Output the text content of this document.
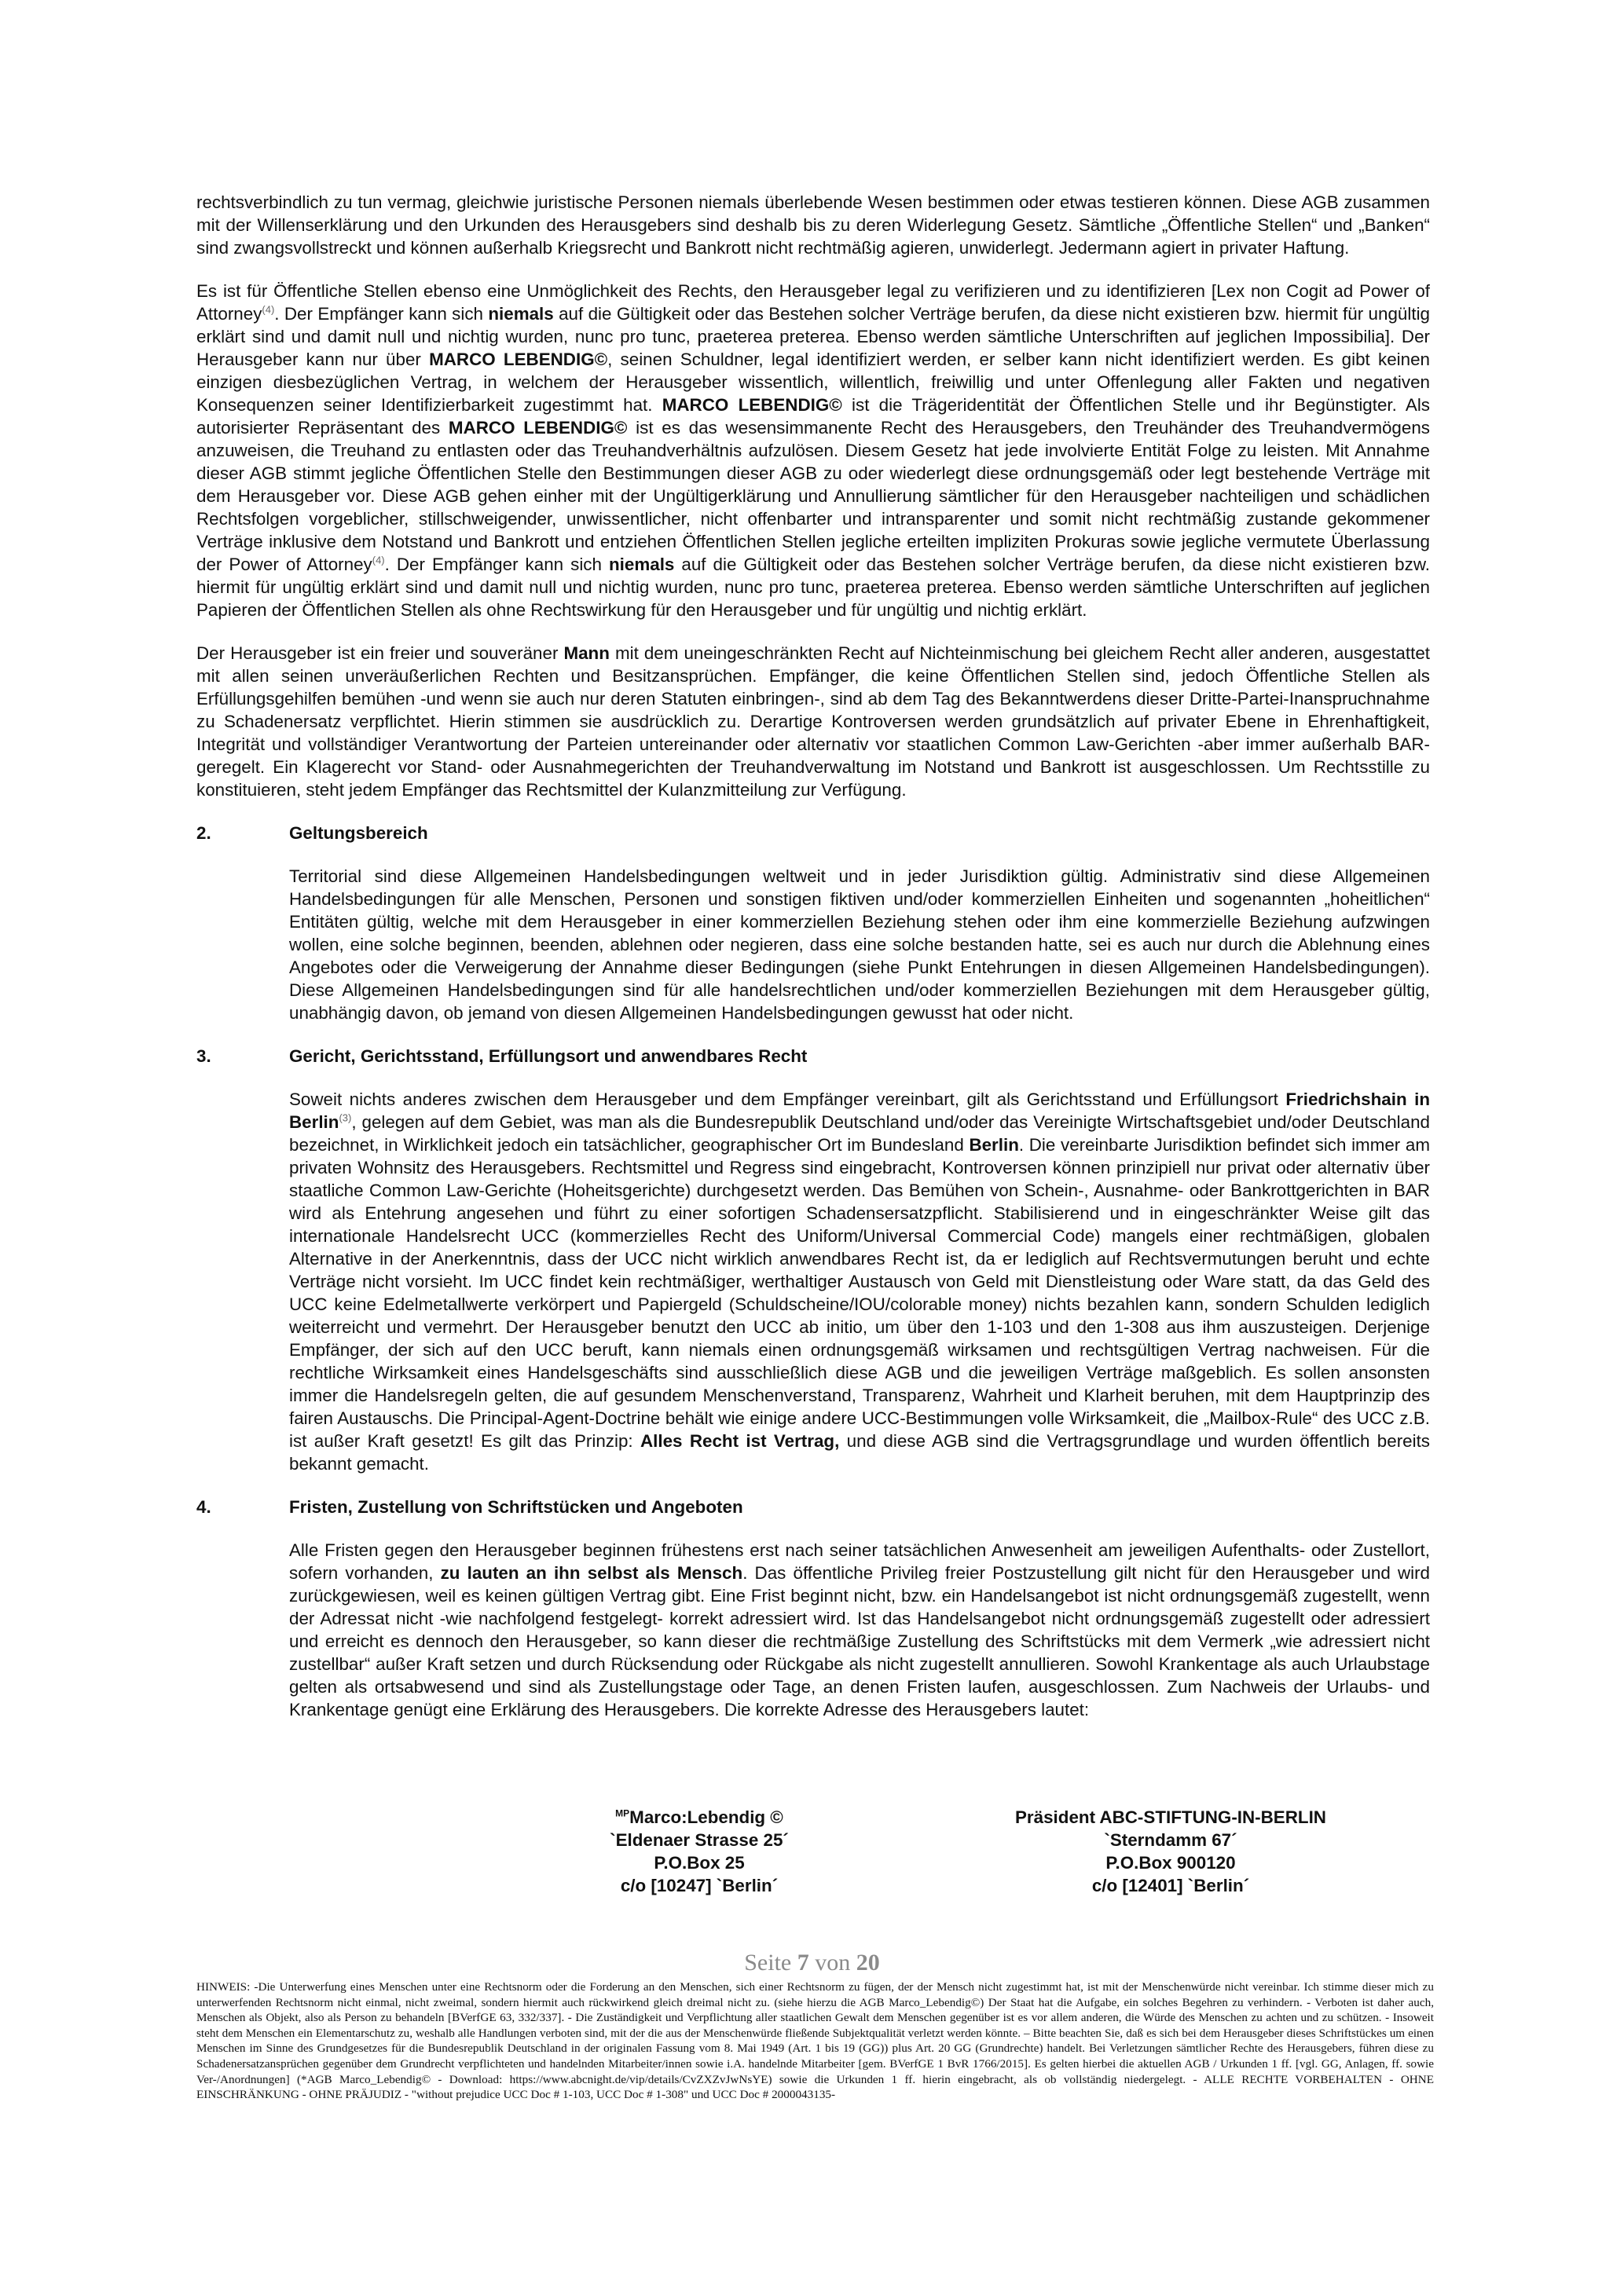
rechtsverbindlich zu tun vermag, gleichwie juristische Personen niemals überlebende Wesen bestimmen oder etwas testieren können. Diese AGB zusammen mit der Willenserklärung und den Urkunden des Herausgebers sind deshalb bis zu deren Widerlegung Gesetz. Sämtliche „Öffentliche Stellen“ und „Banken“ sind zwangsvollstreckt und können außerhalb Kriegsrecht und Bankrott nicht rechtmäßig agieren, unwiderlegt. Jedermann agiert in privater Haftung.

Es ist für Öffentliche Stellen ebenso eine Unmöglichkeit des Rechts, den Herausgeber legal zu verifizieren und zu identifizieren [Lex non Cogit ad Power of Attorney$^{(4)}$. Der Empfänger kann sich niemals auf die Gültigkeit oder das Bestehen solcher Verträge berufen, da diese nicht existieren bzw. hiermit für ungültig erklärt sind und damit null und nichtig wurden, nunc pro tunc, praeterea preterea. Ebenso werden sämtliche Unterschriften auf jeglichen Impossibilia]. Der Herausgeber kann nur über MARCO LEBENDIG©, seinen Schuldner, legal identifiziert werden, er selber kann nicht identifiziert werden. Es gibt keinen einzigen diesbezüglichen Vertrag, in welchem der Herausgeber wissentlich, willentlich, freiwillig und unter Offenlegung aller Fakten und negativen Konsequenzen seiner Identifizierbarkeit zugestimmt hat. MARCO LEBENDIG© ist die Trägeridentität der Öffentlichen Stelle und ihr Begünstigter. Als autorisierter Repräsentant des MARCO LEBENDIG© ist es das wesensimmanente Recht des Herausgebers, den Treuhänder des Treuhandvermögens anzuweisen, die Treuhand zu entlasten oder das Treuhandverhältnis aufzulösen. Diesem Gesetz hat jede involvierte Entität Folge zu leisten. Mit Annahme dieser AGB stimmt jegliche Öffentlichen Stelle den Bestimmungen dieser AGB zu oder wiederlegt diese ordnungsgemäß oder legt bestehende Verträge mit dem Herausgeber vor. Diese AGB gehen einher mit der Ungültigerklärung und Annullierung sämtlicher für den Herausgeber nachteiligen und schädlichen Rechtsfolgen vorgeblicher, stillschweigender, unwissentlicher, nicht offenbarter und intransparenter und somit nicht rechtmäßig zustande gekommener Verträge inklusive dem Notstand und Bankrott und entziehen Öffentlichen Stellen jegliche erteilten impliziten Prokuras sowie jegliche vermutete Überlassung der Power of Attorney$^{(4)}$. Der Empfänger kann sich niemals auf die Gültigkeit oder das Bestehen solcher Verträge berufen, da diese nicht existieren bzw. hiermit für ungültig erklärt sind und damit null und nichtig wurden, nunc pro tunc, praeterea preterea. Ebenso werden sämtliche Unterschriften auf jeglichen Papieren der Öffentlichen Stellen als ohne Rechtswirkung für den Herausgeber und für ungültig und nichtig erklärt.

Der Herausgeber ist ein freier und souveräner Mann mit dem uneingeschränkten Recht auf Nichteinmischung bei gleichem Recht aller anderen, ausgestattet mit allen seinen unveräußerlichen Rechten und Besitzansprüchen. Empfänger, die keine Öffentlichen Stellen sind, jedoch Öffentliche Stellen als Erfüllungsgehilfen bemühen -und wenn sie auch nur deren Statuten einbringen-, sind ab dem Tag des Bekanntwerdens dieser Dritte-Partei-Inanspruchnahme zu Schadenersatz verpflichtet. Hierin stimmen sie ausdrücklich zu. Derartige Kontroversen werden grundsätzlich auf privater Ebene in Ehrenhaftigkeit, Integrität und vollständiger Verantwortung der Parteien untereinander oder alternativ vor staatlichen Common Law-Gerichten -aber immer außerhalb BAR- geregelt. Ein Klagerecht vor Stand- oder Ausnahmegerichten der Treuhandverwaltung im Notstand und Bankrott ist ausgeschlossen. Um Rechtsstille zu konstituieren, steht jedem Empfänger das Rechtsmittel der Kulanzmitteilung zur Verfügung.

2.	Geltungsbereich

Territorial sind diese Allgemeinen Handelsbedingungen weltweit und in jeder Jurisdiktion gültig. Administrativ sind diese Allgemeinen Handelsbedingungen für alle Menschen, Personen und sonstigen fiktiven und/oder kommerziellen Einheiten und sogenannten „hoheitlichen“ Entitäten gültig, welche mit dem Herausgeber in einer kommerziellen Beziehung stehen oder ihm eine kommerzielle Beziehung aufzwingen wollen, eine solche beginnen, beenden, ablehnen oder negieren, dass eine solche bestanden hatte, sei es auch nur durch die Ablehnung eines Angebotes oder die Verweigerung der Annahme dieser Bedingungen (siehe Punkt Entehrungen in diesen Allgemeinen Handelsbedingungen). Diese Allgemeinen Handelsbedingungen sind für alle handelsrechtlichen und/oder kommerziellen Beziehungen mit dem Herausgeber gültig, unabhängig davon, ob jemand von diesen Allgemeinen Handelsbedingungen gewusst hat oder nicht.

3.	Gericht, Gerichtsstand, Erfüllungsort und anwendbares Recht

Soweit nichts anderes zwischen dem Herausgeber und dem Empfänger vereinbart, gilt als Gerichtsstand und Erfüllungsort Friedrichshain in Berlin$^{(3)}$, gelegen auf dem Gebiet, was man als die Bundesrepublik Deutschland und/oder das Vereinigte Wirtschaftsgebiet und/oder Deutschland bezeichnet, in Wirklichkeit jedoch ein tatsächlicher, geographischer Ort im Bundesland Berlin. Die vereinbarte Jurisdiktion befindet sich immer am privaten Wohnsitz des Herausgebers. Rechtsmittel und Regress sind eingebracht, Kontroversen können prinzipiell nur privat oder alternativ über staatliche Common Law-Gerichte (Hoheitsgerichte) durchgesetzt werden. Das Bemühen von Schein-, Ausnahme- oder Bankrottgerichten in BAR wird als Entehrung angesehen und führt zu einer sofortigen Schadensersatzpflicht. Stabilisierend und in eingeschränkter Weise gilt das internationale Handelsrecht UCC (kommerzielles Recht des Uniform/Universal Commercial Code) mangels einer rechtmäßigen, globalen Alternative in der Anerkenntnis, dass der UCC nicht wirklich anwendbares Recht ist, da er lediglich auf Rechtsvermutungen beruht und echte Verträge nicht vorsieht. Im UCC findet kein rechtmäßiger, werthaltiger Austausch von Geld mit Dienstleistung oder Ware statt, da das Geld des UCC keine Edelmetallwerte verkörpert und Papiergeld (Schuldscheine/IOU/colorable money) nichts bezahlen kann, sondern Schulden lediglich weiterreicht und vermehrt. Der Herausgeber benutzt den UCC ab initio, um über den 1-103 und den 1-308 aus ihm auszusteigen. Derjenige Empfänger, der sich auf den UCC beruft, kann niemals einen ordnungsgemäß wirksamen und rechtsgültigen Vertrag nachweisen. Für die rechtliche Wirksamkeit eines Handelsgeschäfts sind ausschließlich diese AGB und die jeweiligen Verträge maßgeblich. Es sollen ansonsten immer die Handelsregeln gelten, die auf gesundem Menschenverstand, Transparenz, Wahrheit und Klarheit beruhen, mit dem Hauptprinzip des fairen Austauschs. Die Principal-Agent-Doctrine behält wie einige andere UCC-Bestimmungen volle Wirksamkeit, die „Mailbox-Rule“ des UCC z.B. ist außer Kraft gesetzt! Es gilt das Prinzip: Alles Recht ist Vertrag, und diese AGB sind die Vertragsgrundlage und wurden öffentlich bereits bekannt gemacht.

4.	Fristen, Zustellung von Schriftstücken und Angeboten

Alle Fristen gegen den Herausgeber beginnen frühestens erst nach seiner tatsächlichen Anwesenheit am jeweiligen Aufenthalts- oder Zustellort, sofern vorhanden, zu lauten an ihn selbst als Mensch. Das öffentliche Privileg freier Postzustellung gilt nicht für den Herausgeber und wird zurückgewiesen, weil es keinen gültigen Vertrag gibt. Eine Frist beginnt nicht, bzw. ein Handelsangebot ist nicht ordnungsgemäß zugestellt, wenn der Adressat nicht -wie nachfolgend festgelegt- korrekt adressiert wird. Ist das Handelsangebot nicht ordnungsgemäß zugestellt oder adressiert und erreicht es dennoch den Herausgeber, so kann dieser die rechtmäßige Zustellung des Schriftstücks mit dem Vermerk „wie adressiert nicht zustellbar“ außer Kraft setzen und durch Rücksendung oder Rückgabe als nicht zugestellt annullieren. Sowohl Krankentage als auch Urlaubstage gelten als ortsabwesend und sind als Zustellungstage oder Tage, an denen Fristen laufen, ausgeschlossen. Zum Nachweis der Urlaubs- und Krankentage genügt eine Erklärung des Herausgebers. Die korrekte Adresse des Herausgebers lautet:

$^{MP}$Marco:Lebendig ©
`Eldenaer Strasse 25´
P.O.Box 25
c/o [10247] `Berlin´
Präsident ABC-STIFTUNG-IN-BERLIN
`Sterndamm 67´
P.O.Box 900120
c/o [12401] `Berlin´
Seite 7 von 20
HINWEIS: -Die Unterwerfung eines Menschen unter eine Rechtsnorm oder die Forderung an den Menschen, sich einer Rechtsnorm zu fügen, der der Mensch nicht zugestimmt hat, ist mit der Menschenwürde nicht vereinbar. Ich stimme dieser mich zu unterwerfenden Rechtsnorm nicht einmal, nicht zweimal, sondern hiermit auch rückwirkend gleich dreimal nicht zu. (siehe hierzu die AGB Marco_Lebendig©) Der Staat hat die Aufgabe, ein solches Begehren zu verhindern. - Verboten ist daher auch, Menschen als Objekt, also als Person zu behandeln [BVerfGE 63, 332/337]. - Die Zuständigkeit und Verpflichtung aller staatlichen Gewalt dem Menschen gegenüber ist es vor allem anderen, die Würde des Menschen zu achten und zu schützen. - Insoweit steht dem Menschen ein Elementarschutz zu, weshalb alle Handlungen verboten sind, mit der die aus der Menschenwürde fließende Subjektqualität verletzt werden könnte. – Bitte beachten Sie, daß es sich bei dem Herausgeber dieses Schriftstückes um einen Menschen im Sinne des Grundgesetzes für die Bundesrepublik Deutschland in der originalen Fassung vom 8. Mai 1949 (Art. 1 bis 19 (GG)) plus Art. 20 GG (Grundrechte) handelt. Bei Verletzungen sämtlicher Rechte des Herausgebers, führen diese zu Schadenersatzansprüchen gegenüber dem Grundrecht verpflichteten und handelnden Mitarbeiter/innen sowie i.A. handelnde Mitarbeiter [gem. BVerfGE 1 BvR 1766/2015]. Es gelten hierbei die aktuellen AGB / Urkunden 1 ff. [vgl. GG, Anlagen, ff. sowie Ver-/Anordnungen] (*AGB Marco_Lebendig© - Download: https://www.abcnight.de/vip/details/CvZXZvJwNsYE) sowie die Urkunden 1 ff. hierin eingebracht, als ob vollständig niedergelegt. - ALLE RECHTE VORBEHALTEN - OHNE EINSCHRÄNKUNG - OHNE PRÄJUDIZ - "without prejudice UCC Doc # 1-103, UCC Doc # 1-308" und UCC Doc # 2000043135-
